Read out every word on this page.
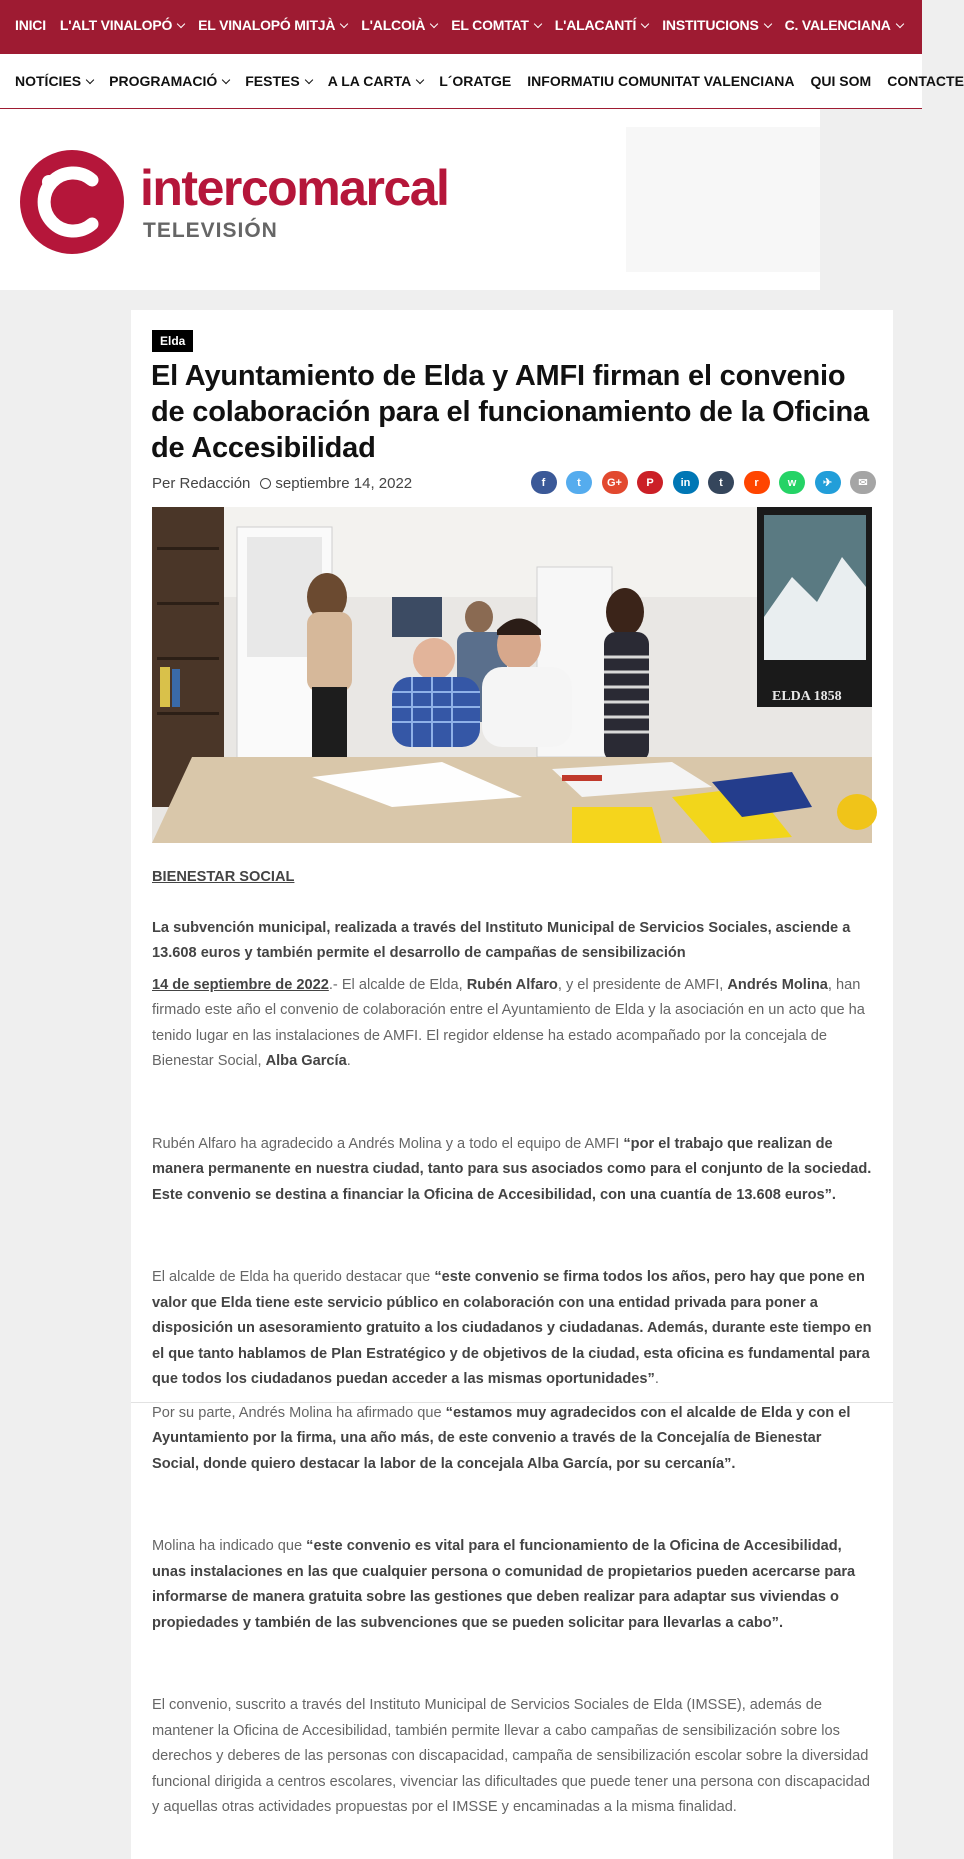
INICI L'ALT VINALOPÓ	EL VINALOPÓ MITJÀ	L'ALCOIÀ	EL COMTAT	L'ALACANTÍ	INSTITUCIONS	C. VALENCIANA
NOTÍCIES	PROGRAMACIÓ	FESTES	A LA CARTA	L´ORATGE INFORMATIU COMUNITAT VALENCIANA QUI SOM CONTACTE
intercomarcal
TELEVISIÓN
Elda
El Ayuntamiento de Elda y AMFI firman el convenio de colaboración para el funcionamiento de la Oficina de Accesibilidad
Per Redacción septiembre 14, 2022	f	t	G+	P	in	t	r	w	✈	✉
ELDA 1858

BIENESTAR SOCIAL

La subvención municipal, realizada a través del Instituto Municipal de Servicios Sociales, asciende a 13.608 euros y también permite el desarrollo de campañas de sensibilización

14 de septiembre de 2022.- El alcalde de Elda, Rubén Alfaro, y el presidente de AMFI, Andrés Molina, han firmado este año el convenio de colaboración entre el Ayuntamiento de Elda y la asociación en un acto que ha tenido lugar en las instalaciones de AMFI. El regidor eldense ha estado acompañado por la concejala de Bienestar Social, Alba García.

Rubén Alfaro ha agradecido a Andrés Molina y a todo el equipo de AMFI “por el trabajo que realizan de manera permanente en nuestra ciudad, tanto para sus asociados como para el conjunto de la sociedad. Este convenio se destina a financiar la Oficina de Accesibilidad, con una cuantía de 13.608 euros”.

El alcalde de Elda ha querido destacar que “este convenio se firma todos los años, pero hay que pone en valor que Elda tiene este servicio público en colaboración con una entidad privada para poner a disposición un asesoramiento gratuito a los ciudadanos y ciudadanas. Además, durante este tiempo en el que tanto hablamos de Plan Estratégico y de objetivos de la ciudad, esta oficina es fundamental para que todos los ciudadanos puedan acceder a las mismas oportunidades”.

Por su parte, Andrés Molina ha afirmado que “estamos muy agradecidos con el alcalde de Elda y con el Ayuntamiento por la firma, una año más, de este convenio a través de la Concejalía de Bienestar Social, donde quiero destacar la labor de la concejala Alba García, por su cercanía”.

Molina ha indicado que “este convenio es vital para el funcionamiento de la Oficina de Accesibilidad, unas instalaciones en las que cualquier persona o comunidad de propietarios pueden acercarse para informarse de manera gratuita sobre las gestiones que deben realizar para adaptar sus viviendas o propiedades y también de las subvenciones que se pueden solicitar para llevarlas a cabo”.

El convenio, suscrito a través del Instituto Municipal de Servicios Sociales de Elda (IMSSE), además de mantener la Oficina de Accesibilidad, también permite llevar a cabo campañas de sensibilización sobre los derechos y deberes de las personas con discapacidad, campaña de sensibilización escolar sobre la diversidad funcional dirigida a centros escolares, vivenciar las dificultades que puede tener una persona con discapacidad y aquellas otras actividades propuestas por el IMSSE y encaminadas a la misma finalidad.
